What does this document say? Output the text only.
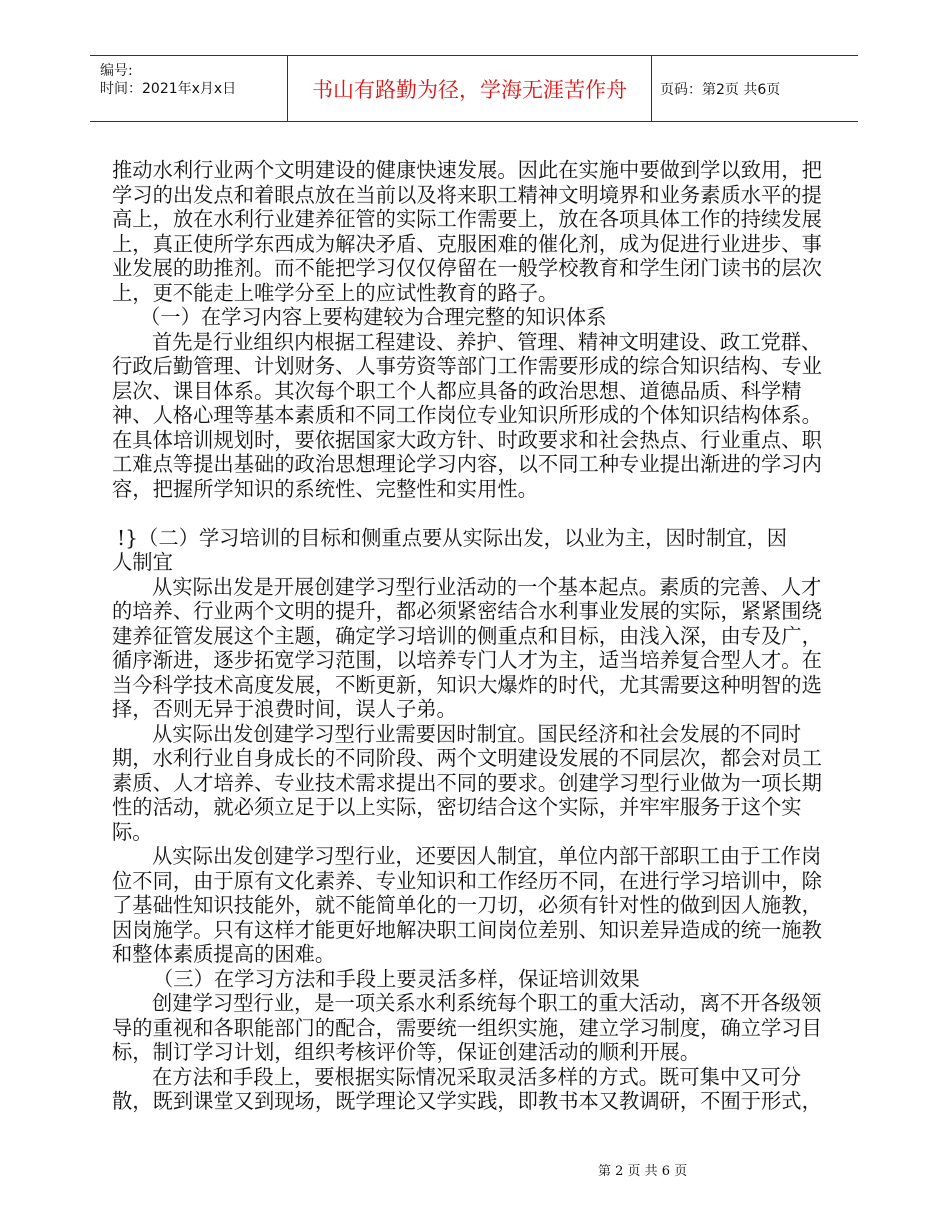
编号:
时间：2021年x月x日	书山有路勤为径，学海无涯苦作舟	页码：第2页 共6页
推动水利行业两个文明建设的健康快速发展。因此在实施中要做到学以致用，把
学习的出发点和着眼点放在当前以及将来职工精神文明境界和业务素质水平的提
高上，放在水利行业建养征管的实际工作需要上，放在各项具体工作的持续发展
上，真正使所学东西成为解决矛盾、克服困难的催化剂，成为促进行业进步、事
业发展的助推剂。而不能把学习仅仅停留在一般学校教育和学生闭门读书的层次
上，更不能走上唯学分至上的应试性教育的路子。
（一）在学习内容上要构建较为合理完整的知识体系
首先是行业组织内根据工程建设、养护、管理、精神文明建设、政工党群、
行政后勤管理、计划财务、人事劳资等部门工作需要形成的综合知识结构、专业
层次、课目体系。其次每个职工个人都应具备的政治思想、道德品质、科学精
神、人格心理等基本素质和不同工作岗位专业知识所形成的个体知识结构体系。
在具体培训规划时，要依据国家大政方针、时政要求和社会热点、行业重点、职
工难点等提出基础的政治思想理论学习内容，以不同工种专业提出渐进的学习内
容，把握所学知识的系统性、完整性和实用性。
!}（二）学习培训的目标和侧重点要从实际出发，以业为主，因时制宜，因
人制宜
从实际出发是开展创建学习型行业活动的一个基本起点。素质的完善、人才
的培养、行业两个文明的提升，都必须紧密结合水利事业发展的实际，紧紧围绕
建养征管发展这个主题，确定学习培训的侧重点和目标，由浅入深，由专及广，
循序渐进，逐步拓宽学习范围，以培养专门人才为主，适当培养复合型人才。在
当今科学技术高度发展，不断更新，知识大爆炸的时代，尤其需要这种明智的选
择，否则无异于浪费时间，误人子弟。
从实际出发创建学习型行业需要因时制宜。国民经济和社会发展的不同时
期，水利行业自身成长的不同阶段、两个文明建设发展的不同层次，都会对员工
素质、人才培养、专业技术需求提出不同的要求。创建学习型行业做为一项长期
性的活动，就必须立足于以上实际，密切结合这个实际，并牢牢服务于这个实
际。
从实际出发创建学习型行业，还要因人制宜，单位内部干部职工由于工作岗
位不同，由于原有文化素养、专业知识和工作经历不同，在进行学习培训中，除
了基础性知识技能外，就不能简单化的一刀切，必须有针对性的做到因人施教，
因岗施学。只有这样才能更好地解决职工间岗位差别、知识差异造成的统一施教
和整体素质提高的困难。
（三）在学习方法和手段上要灵活多样，保证培训效果
创建学习型行业，是一项关系水利系统每个职工的重大活动，离不开各级领
导的重视和各职能部门的配合，需要统一组织实施，建立学习制度，确立学习目
标，制订学习计划，组织考核评价等，保证创建活动的顺利开展。
在方法和手段上，要根据实际情况采取灵活多样的方式。既可集中又可分
散，既到课堂又到现场，既学理论又学实践，即教书本又教调研，不囿于形式，
第 2 页 共 6 页
